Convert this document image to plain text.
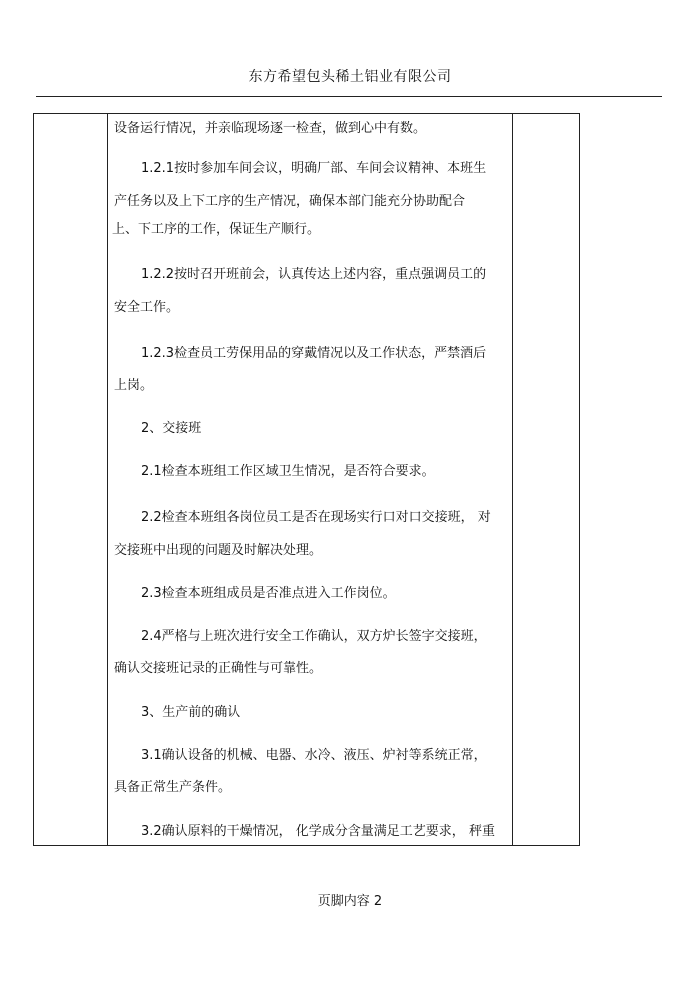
东方希望包头稀土铝业有限公司
设备运行情况，并亲临现场逐一检查，做到心中有数。
1.2.1按时参加车间会议，明确厂部、车间会议精神、本班生
产任务以及上下工序的生产情况，确保本部门能充分协助配合
上、下工序的工作，保证生产顺行。
1.2.2按时召开班前会，认真传达上述内容，重点强调员工的
安全工作。
1.2.3检查员工劳保用品的穿戴情况以及工作状态，严禁酒后
上岗。
2、交接班
2.1检查本班组工作区域卫生情况，是否符合要求。
2.2检查本班组各岗位员工是否在现场实行口对口交接班， 对
交接班中出现的问题及时解决处理。
2.3检查本班组成员是否准点进入工作岗位。
2.4严格与上班次进行安全工作确认，双方炉长签字交接班，
确认交接班记录的正确性与可靠性。
3、生产前的确认
3.1确认设备的机械、电器、水冷、液压、炉衬等系统正常，
具备正常生产条件。
3.2确认原料的干燥情况， 化学成分含量满足工艺要求， 秤重
页脚内容 2
